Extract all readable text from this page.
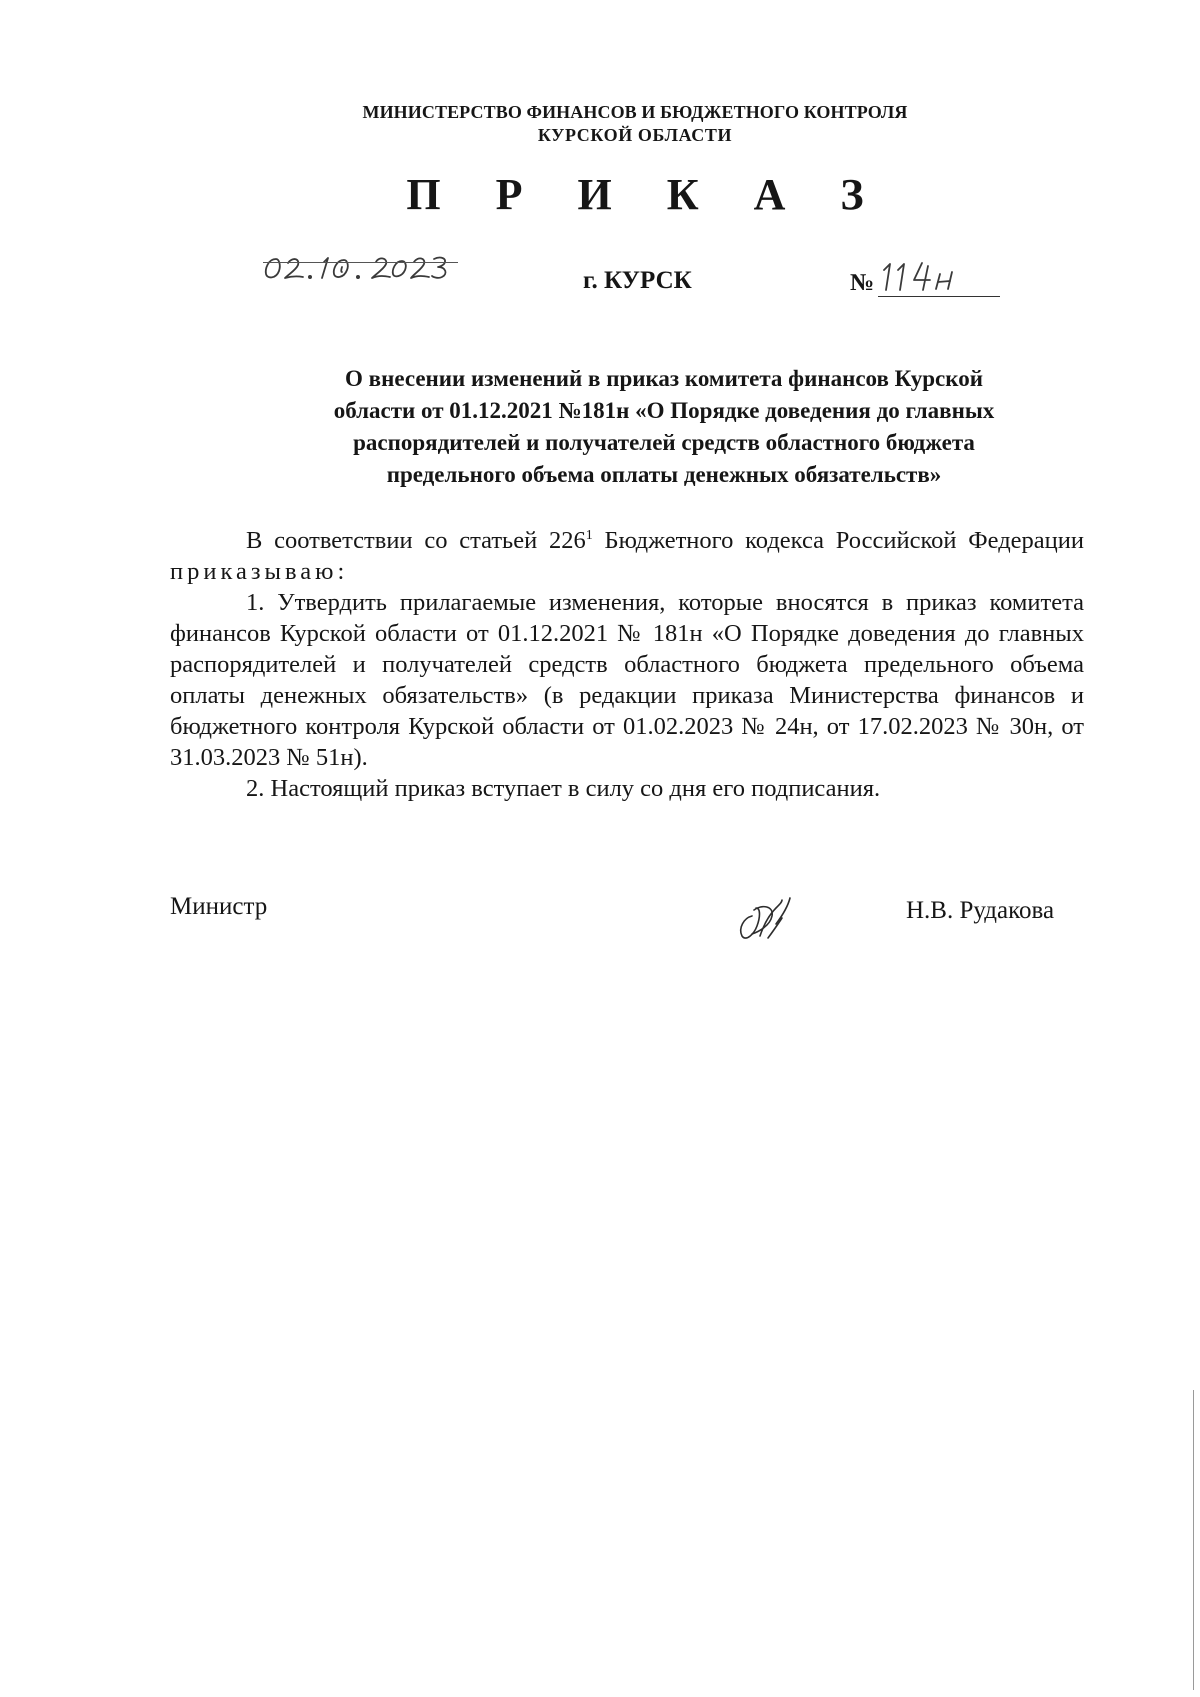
МИНИСТЕРСТВО ФИНАНСОВ И БЮДЖЕТНОГО КОНТРОЛЯ
КУРСКОЙ ОБЛАСТИ
П Р И К А З
г. КУРСК	№
О внесении изменений в приказ комитета финансов Курской
области от 01.12.2021 №181н «О Порядке доведения до главных
распорядителей и получателей средств областного бюджета
предельного объема оплаты денежных обязательств»

В соответствии со статьей $226^1$ Бюджетного кодекса Российской Федерации приказываю:

1. Утвердить прилагаемые изменения, которые вносятся в приказ комитета финансов Курской области от 01.12.2021 № 181н «О Порядке доведения до главных распорядителей и получателей средств областного бюджета предельного объема оплаты денежных обязательств» (в редакции приказа Министерства финансов и бюджетного контроля Курской области от 01.02.2023 № 24н, от 17.02.2023 № 30н, от 31.03.2023 № 51н).

2. Настоящий приказ вступает в силу со дня его подписания.

Министр	Н.В. Рудакова
